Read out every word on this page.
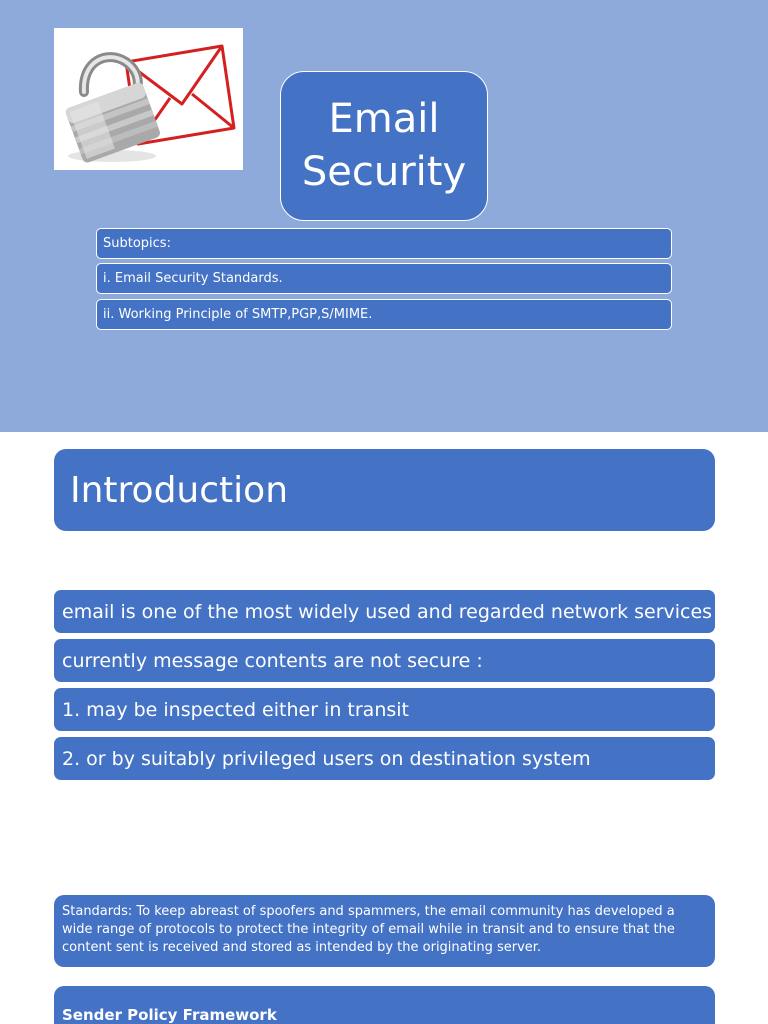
Email
Security
Subtopics:
i. Email Security Standards.
ii. Working Principle of SMTP,PGP,S/MIME.
Introduction
email is one of the most widely used and regarded network services
currently message contents are not secure :
1. may be inspected either in transit
2. or by suitably privileged users on destination system
Standards: To keep abreast of spoofers and spammers, the email community has developed a wide range of protocols to protect the integrity of email while in transit and to ensure that the content sent is received and stored as intended by the originating server.
Sender Policy Framework
